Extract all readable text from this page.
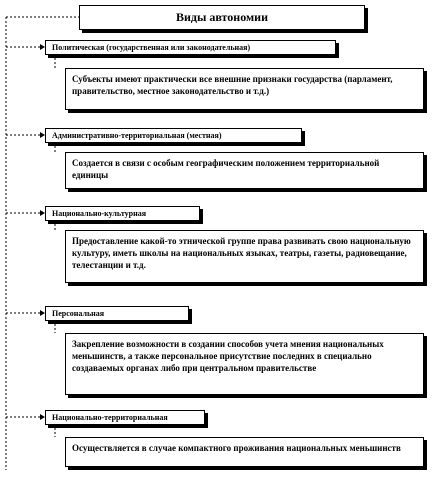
Виды автономии
Политическая (государственная или законодательная)
Субъекты имеют практически все внешние признаки государства (парламент, правительство, местное законодательство и т.д.)
Административно-территориальная (местная)
Создается в связи с особым географическим положением территориальной единицы
Национально-культурная
Предоставление какой-то этнической группе права развивать свою национальную культуру, иметь школы на национальных языках, театры, газеты, радиовещание, телестанции и т.д.
Персональная
Закрепление возможности в создании способов учета мнения национальных меньшинств, а также персональное присутствие последних в специально создаваемых органах либо при центральном правительстве
Национально-территориальная
Осуществляется в случае компактного проживания национальных меньшинств
